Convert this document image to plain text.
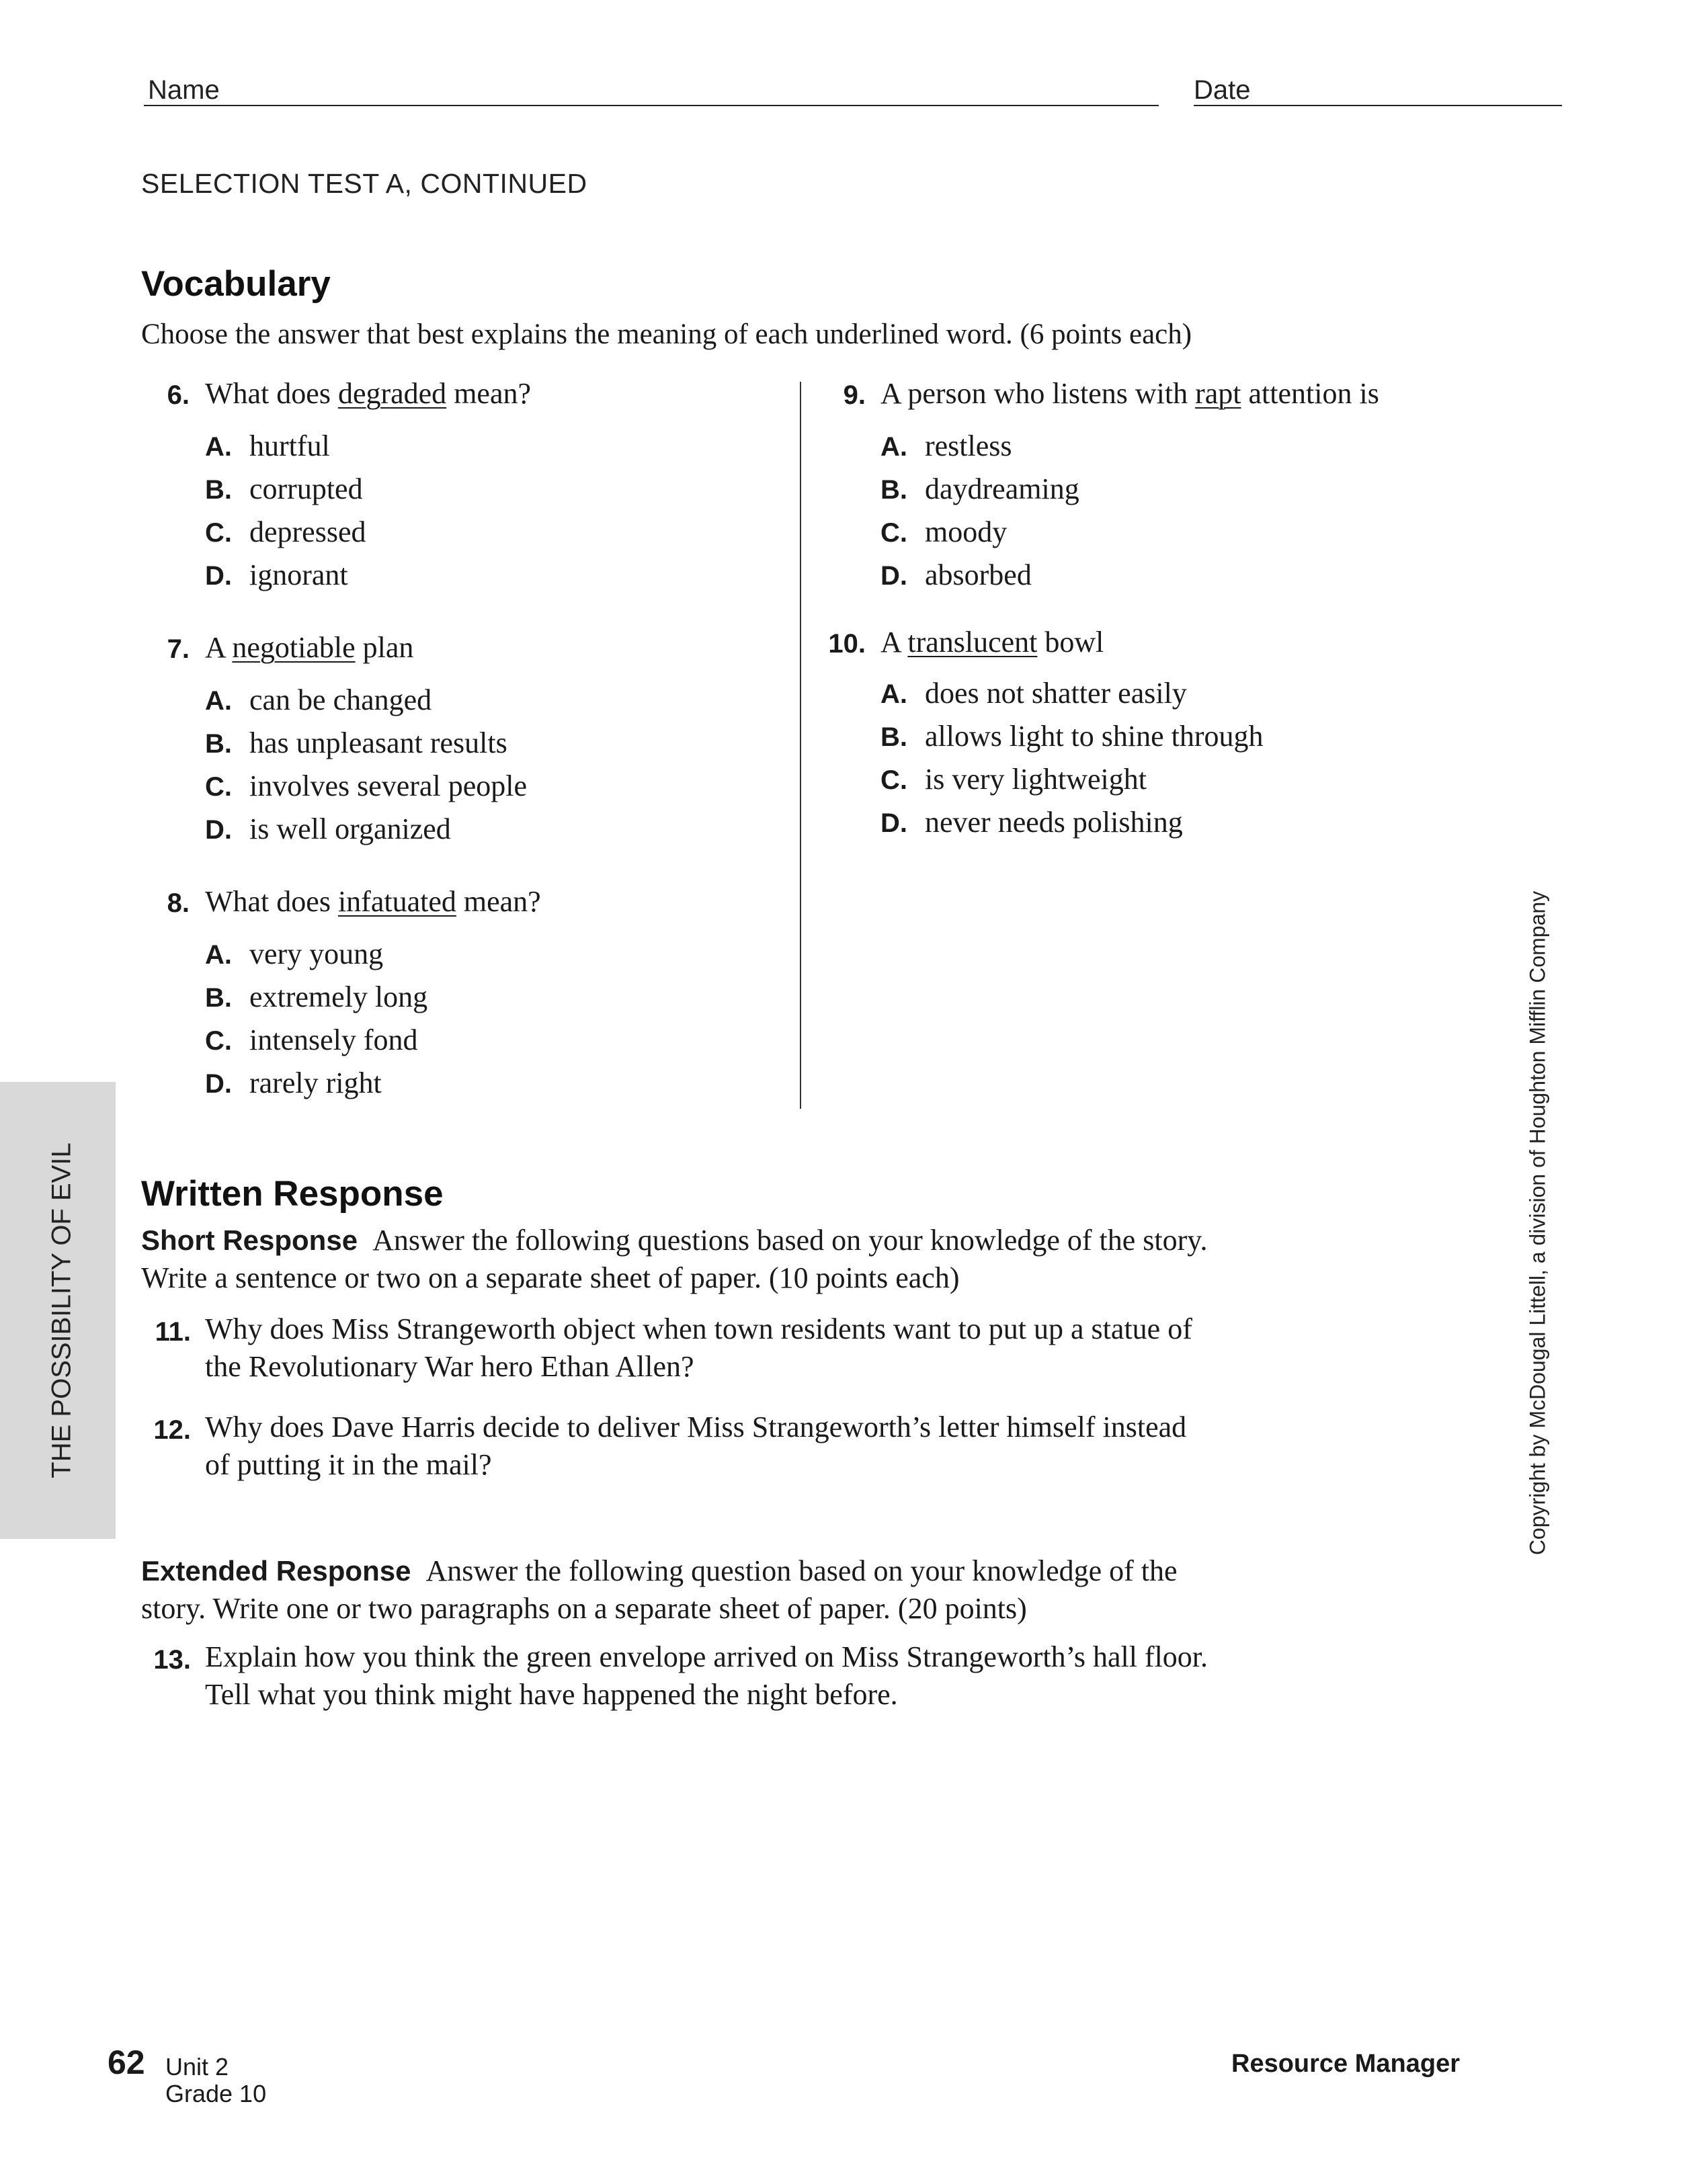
Name	Date
SELECTION TEST A, CONTINUED
Vocabulary
Choose the answer that best explains the meaning of each underlined word. (6 points each)
6. What does degraded mean?
A. hurtful
B. corrupted
C. depressed
D. ignorant
7. A negotiable plan
A. can be changed
B. has unpleasant results
C. involves several people
D. is well organized
8. What does infatuated mean?
A. very young
B. extremely long
C. intensely fond
D. rarely right
9. A person who listens with rapt attention is
A. restless
B. daydreaming
C. moody
D. absorbed
10. A translucent bowl
A. does not shatter easily
B. allows light to shine through
C. is very lightweight
D. never needs polishing
THE POSSIBILITY OF EVIL	Copyright by McDougal Littell, a division of Houghton Mifflin Company
Written Response
Short Response Answer the following questions based on your knowledge of the story.
Write a sentence or two on a separate sheet of paper. (10 points each)
11. Why does Miss Strangeworth object when town residents want to put up a statue of
the Revolutionary War hero Ethan Allen?
12. Why does Dave Harris decide to deliver Miss Strangeworth’s letter himself instead
of putting it in the mail?
Extended Response Answer the following question based on your knowledge of the
story. Write one or two paragraphs on a separate sheet of paper. (20 points)
13. Explain how you think the green envelope arrived on Miss Strangeworth’s hall floor.
Tell what you think might have happened the night before.
62 Unit 2
Grade 10
Resource Manager
